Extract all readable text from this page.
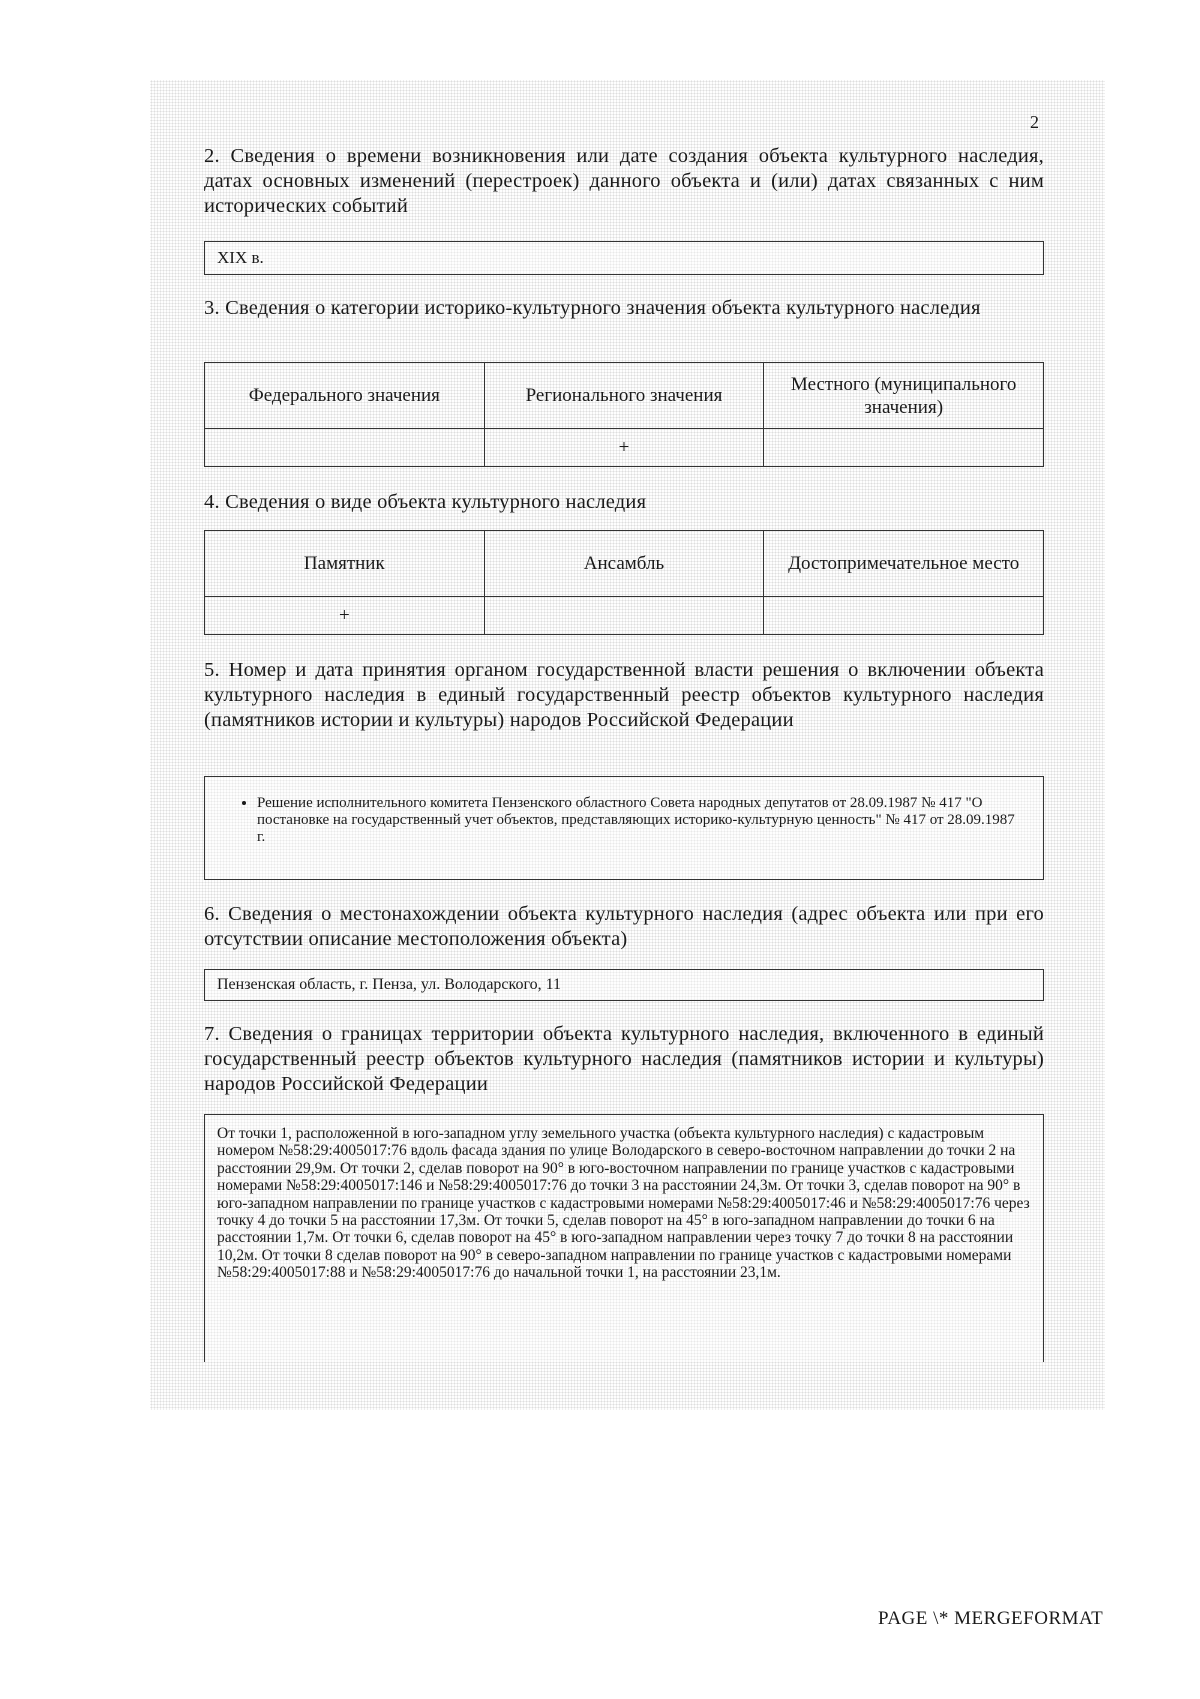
2
2. Сведения о времени возникновения или дате создания объекта культурного наследия, датах основных изменений (перестроек) данного объекта и (или) датах связанных с ним исторических событий
XIX в.
3. Сведения о категории историко-культурного значения объекта культурного наследия
Федерального значения	Регионального значения	Местного (муниципального значения)
	+	
4. Сведения о виде объекта культурного наследия
Памятник	Ансамбль	Достопримечательное место
+		
5. Номер и дата принятия органом государственной власти решения о включении объекта культурного наследия в единый государственный реестр объектов культурного наследия (памятников истории и культуры) народов Российской Федерации
• Решение исполнительного комитета Пензенского областного Совета народных депутатов от 28.09.1987 № 417 "О постановке на государственный учет объектов, представляющих историко-культурную ценность" № 417 от 28.09.1987 г.
6. Сведения о местонахождении объекта культурного наследия (адрес объекта или при его отсутствии описание местоположения объекта)
Пензенская область, г. Пенза, ул. Володарского, 11
7. Сведения о границах территории объекта культурного наследия, включенного в единый государственный реестр объектов культурного наследия (памятников истории и культуры) народов Российской Федерации
От точки 1, расположенной в юго-западном углу земельного участка (объекта культурного наследия) с кадастровым номером №58:29:4005017:76 вдоль фасада здания по улице Володарского в северо-восточном направлении до точки 2 на расстоянии 29,9м. От точки 2, сделав поворот на 90° в юго-восточном направлении по границе участков с кадастровыми номерами №58:29:4005017:146 и №58:29:4005017:76 до точки 3 на расстоянии 24,3м. От точки 3, сделав поворот на 90° в юго-западном направлении по границе участков с кадастровыми номерами №58:29:4005017:46 и №58:29:4005017:76 через точку 4 до точки 5 на расстоянии 17,3м. От точки 5, сделав поворот на 45° в юго-западном направлении до точки 6 на расстоянии 1,7м. От точки 6, сделав поворот на 45° в юго-западном направлении через точку 7 до точки 8 на расстоянии 10,2м. От точки 8 сделав поворот на 90° в северо-западном направлении по границе участков с кадастровыми номерами №58:29:4005017:88 и №58:29:4005017:76 до начальной точки 1, на расстоянии 23,1м.
PAGE \* MERGEFORMAT
